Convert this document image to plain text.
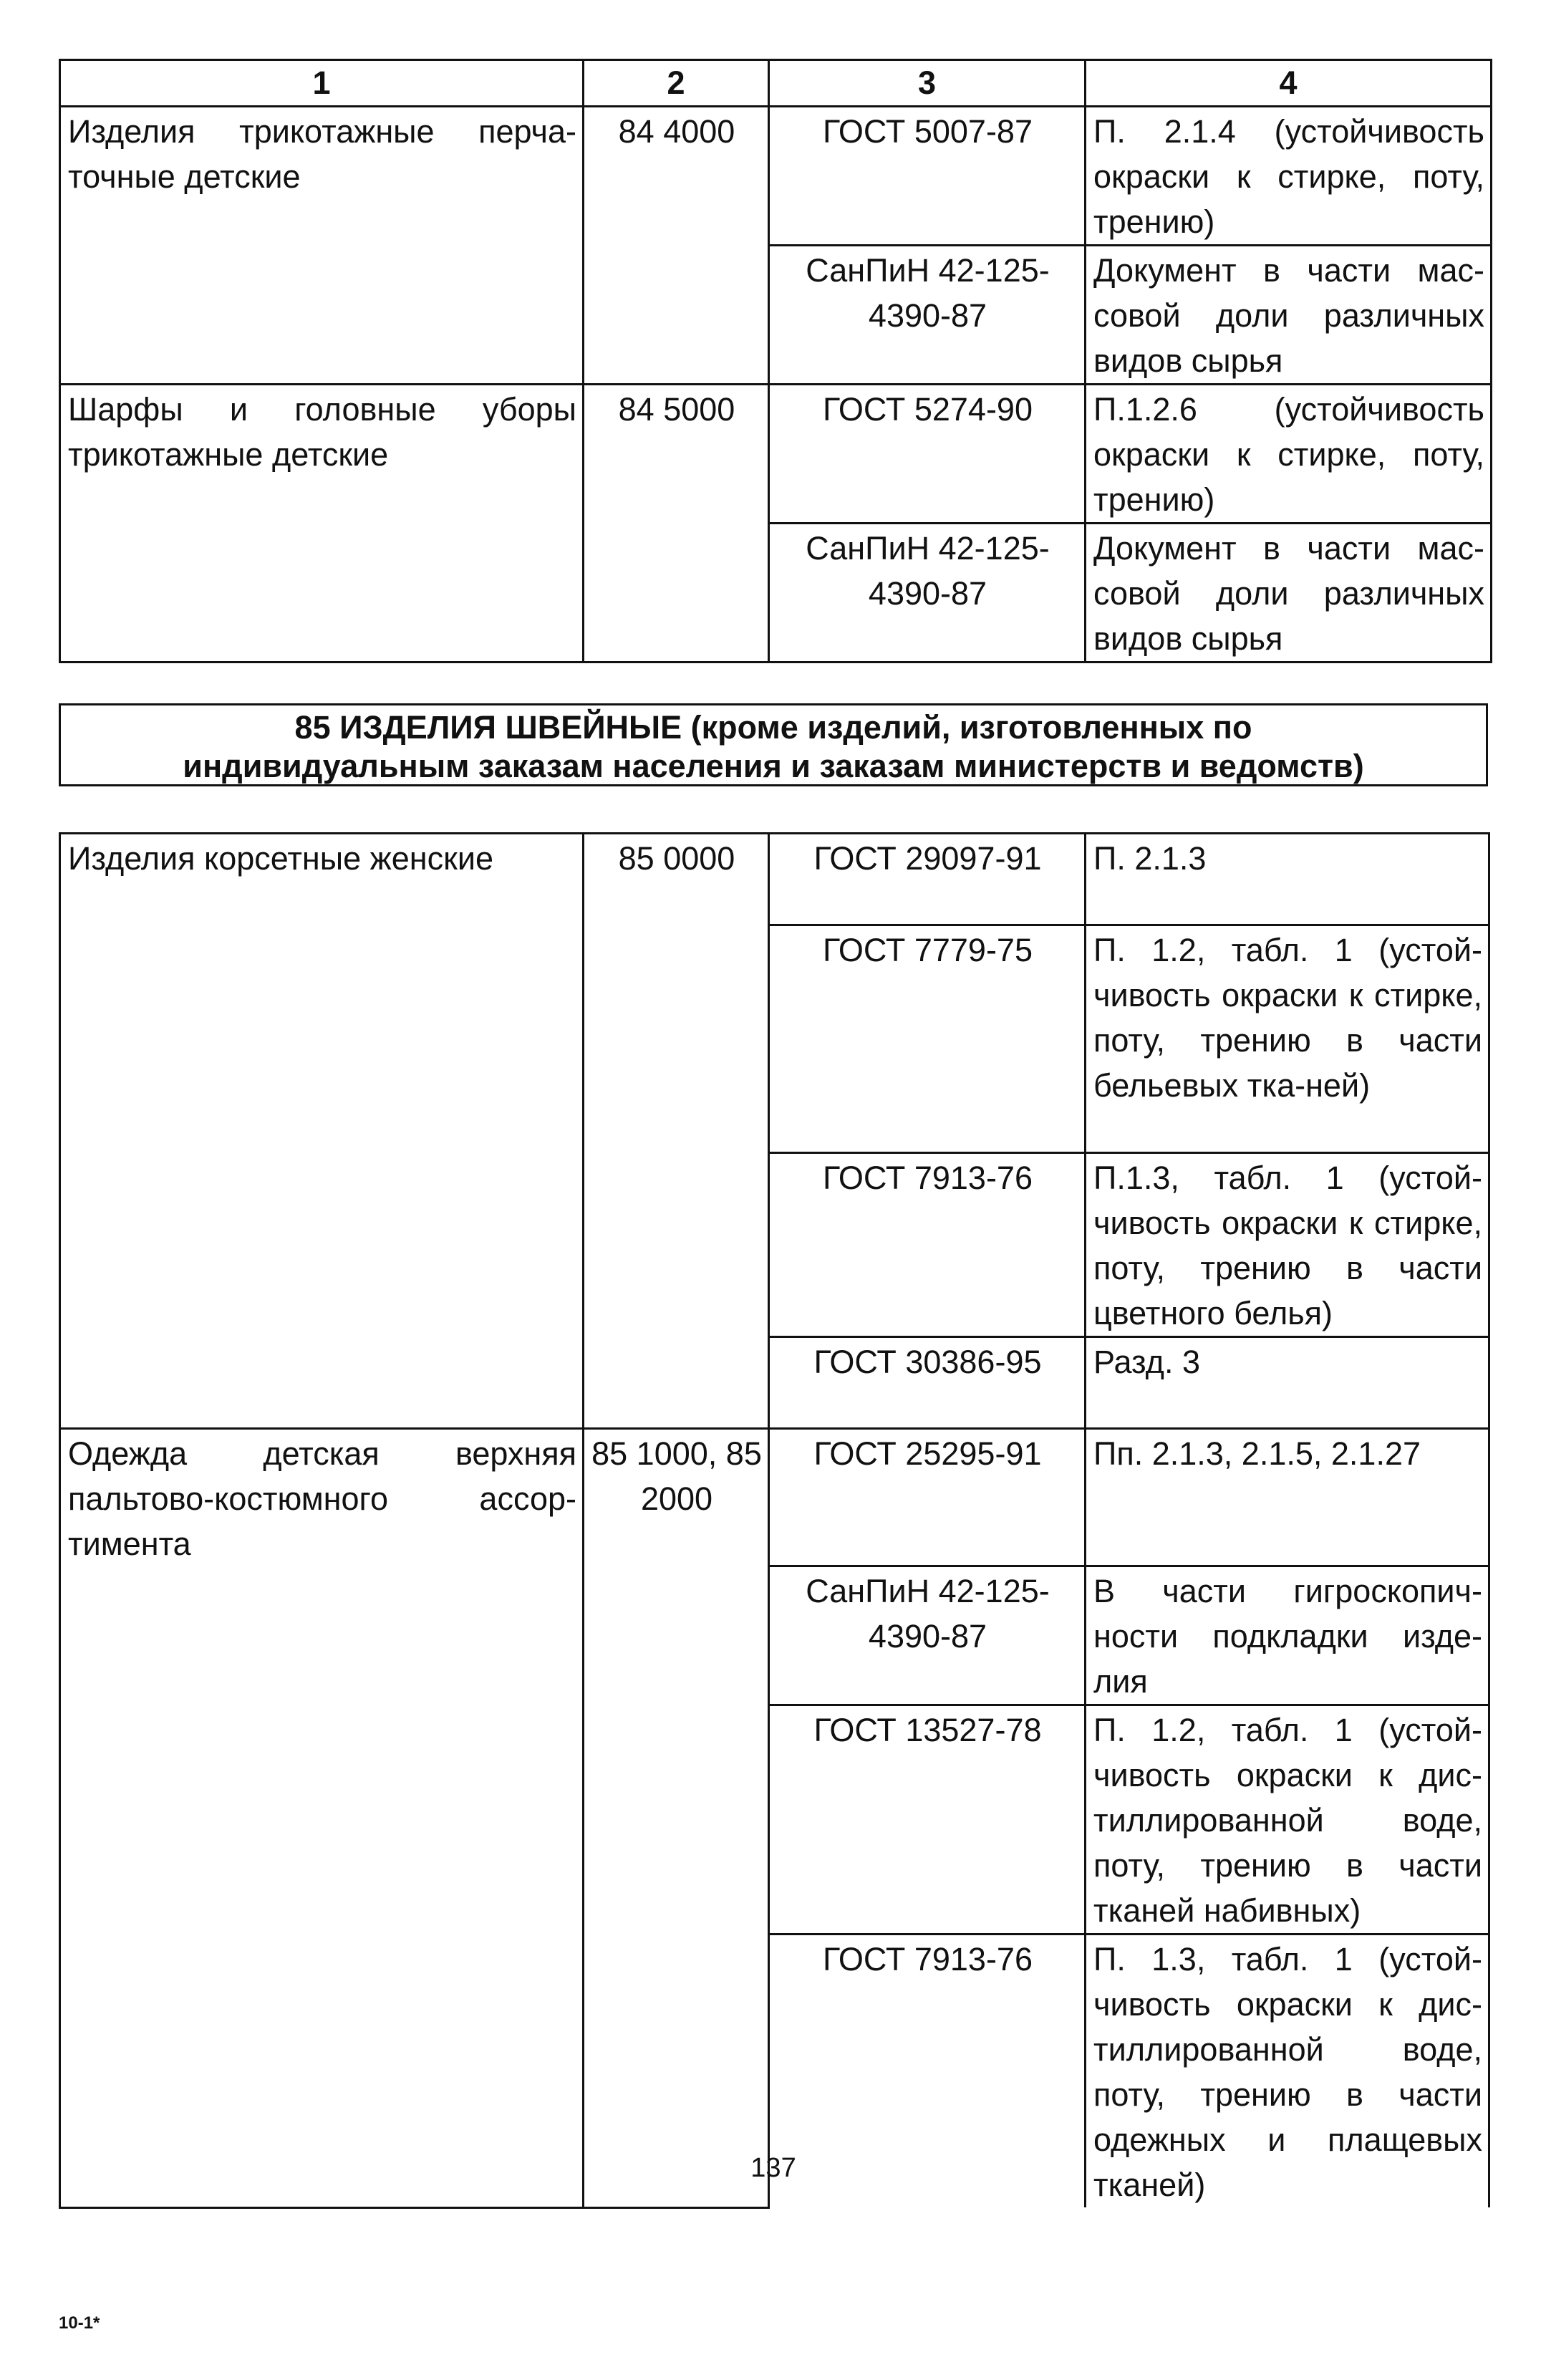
1	2	3	4
Изделия трикотажные перча-точные детские	84 4000	ГОСТ 5007-87	П. 2.1.4 (устойчивость окраски к стирке, поту, трению)
		СанПиН 42-125-4390-87	Документ в части мас-совой доли различных видов сырья
Шарфы и головные уборы трикотажные детские	84 5000	ГОСТ 5274-90	П.1.2.6 (устойчивость окраски к стирке, поту, трению)
		СанПиН 42-125-4390-87	Документ в части мас-совой доли различных видов сырья
85 ИЗДЕЛИЯ ШВЕЙНЫЕ (кроме изделий, изготовленных по
индивидуальным заказам населения и заказам министерств и ведомств)
Изделия корсетные женские	85 0000	ГОСТ 29097-91	П. 2.1.3
		ГОСТ 7779-75	П. 1.2, табл. 1 (устой-чивость окраски к стирке, поту, трению в части бельевых тка-ней)
		ГОСТ 7913-76	П.1.3, табл. 1 (устой-чивость окраски к стирке, поту, трению в части цветного белья)
		ГОСТ 30386-95	Разд. 3
Одежда детская верхняя пальтово-костюмного ассор-тимента	85 1000, 85 2000	ГОСТ 25295-91	Пп. 2.1.3, 2.1.5, 2.1.27
		СанПиН 42-125-4390-87	В части гигроскопич-ности подкладки изде-лия
		ГОСТ 13527-78	П. 1.2, табл. 1 (устой-чивость окраски к дис-тиллированной воде, поту, трению в части тканей набивных)
		ГОСТ 7913-76	П. 1.3, табл. 1 (устой-чивость окраски к дис-тиллированной воде, поту, трению в части одежных и плащевых тканей)
137
10-1*
